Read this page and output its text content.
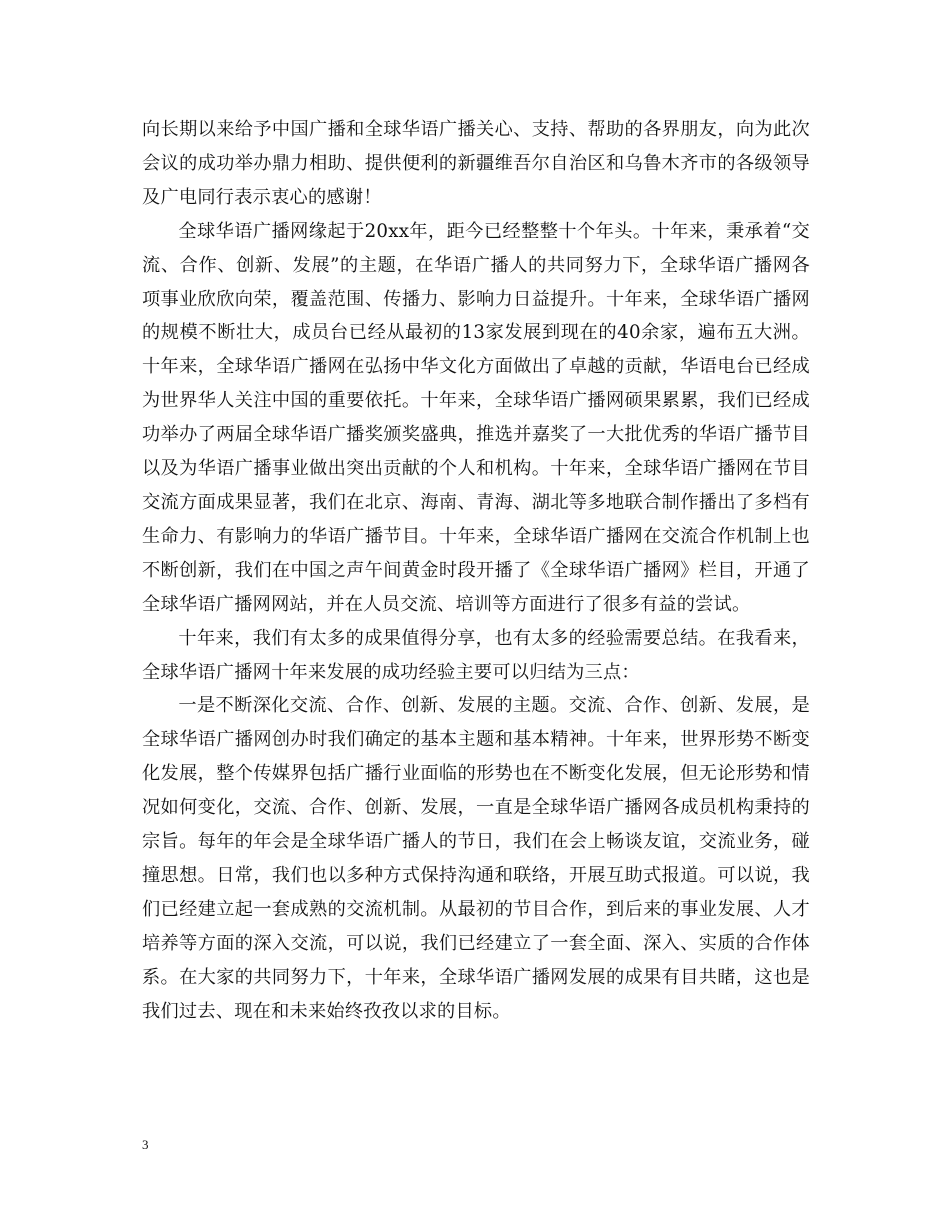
向长期以来给予中国广播和全球华语广播关心、支持、帮助的各界朋友，向为此次会议的成功举办鼎力相助、提供便利的新疆维吾尔自治区和乌鲁木齐市的各级领导及广电同行表示衷心的感谢！

全球华语广播网缘起于20xx年，距今已经整整十个年头。十年来，秉承着“交流、合作、创新、发展”的主题，在华语广播人的共同努力下，全球华语广播网各项事业欣欣向荣，覆盖范围、传播力、影响力日益提升。十年来，全球华语广播网的规模不断壮大，成员台已经从最初的13家发展到现在的40余家，遍布五大洲。十年来，全球华语广播网在弘扬中华文化方面做出了卓越的贡献，华语电台已经成为世界华人关注中国的重要依托。十年来，全球华语广播网硕果累累，我们已经成功举办了两届全球华语广播奖颁奖盛典，推选并嘉奖了一大批优秀的华语广播节目以及为华语广播事业做出突出贡献的个人和机构。十年来，全球华语广播网在节目交流方面成果显著，我们在北京、海南、青海、湖北等多地联合制作播出了多档有生命力、有影响力的华语广播节目。十年来，全球华语广播网在交流合作机制上也不断创新，我们在中国之声午间黄金时段开播了《全球华语广播网》栏目，开通了全球华语广播网网站，并在人员交流、培训等方面进行了很多有益的尝试。

十年来，我们有太多的成果值得分享，也有太多的经验需要总结。在我看来，全球华语广播网十年来发展的成功经验主要可以归结为三点：

一是不断深化交流、合作、创新、发展的主题。交流、合作、创新、发展，是全球华语广播网创办时我们确定的基本主题和基本精神。十年来，世界形势不断变化发展，整个传媒界包括广播行业面临的形势也在不断变化发展，但无论形势和情况如何变化，交流、合作、创新、发展，一直是全球华语广播网各成员机构秉持的宗旨。每年的年会是全球华语广播人的节日，我们在会上畅谈友谊，交流业务，碰撞思想。日常，我们也以多种方式保持沟通和联络，开展互助式报道。可以说，我们已经建立起一套成熟的交流机制。从最初的节目合作，到后来的事业发展、人才培养等方面的深入交流，可以说，我们已经建立了一套全面、深入、实质的合作体系。在大家的共同努力下，十年来，全球华语广播网发展的成果有目共睹，这也是我们过去、现在和未来始终孜孜以求的目标。

3
